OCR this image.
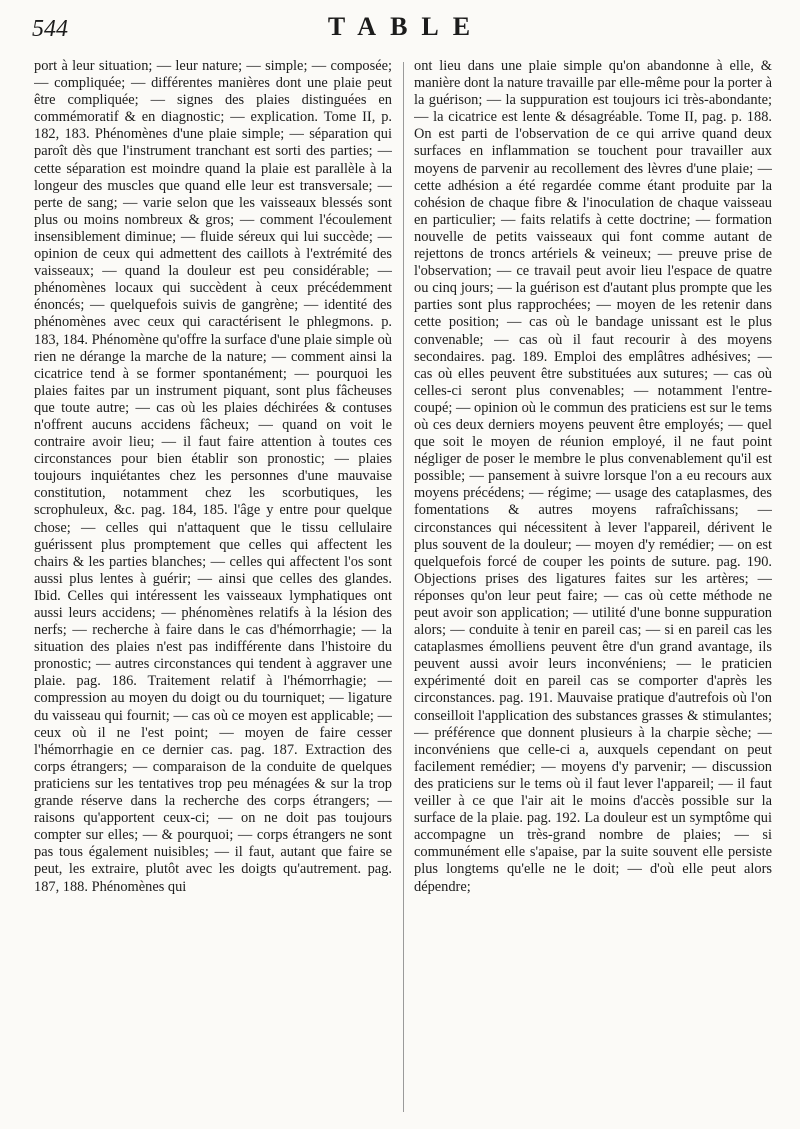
544	TABLE

port à leur situation; — leur nature; — simple; — composée; — compliquée; — différentes manières dont une plaie peut être compliquée; — signes des plaies distinguées en commémoratif & en diagnostic; — explication. Tome II, p. 182, 183. Phénomènes d'une plaie simple; — séparation qui paroît dès que l'instrument tranchant est sorti des parties; — cette séparation est moindre quand la plaie est parallèle à la longeur des muscles que quand elle leur est transversale; — perte de sang; — varie selon que les vaisseaux blessés sont plus ou moins nombreux & gros; — comment l'écoulement insensiblement diminue; — fluide séreux qui lui succède; — opinion de ceux qui admettent des caillots à l'extrémité des vaisseaux; — quand la douleur est peu considérable; — phénomènes locaux qui succèdent à ceux précédemment énoncés; — quelquefois suivis de gangrène; — identité des phénomènes avec ceux qui caractérisent le phlegmons. p. 183, 184. Phénomène qu'offre la surface d'une plaie simple où rien ne dérange la marche de la nature; — comment ainsi la cicatrice tend à se former spontanément; — pourquoi les plaies faites par un instrument piquant, sont plus fâcheuses que toute autre; — cas où les plaies déchirées & contuses n'offrent aucuns accidens fâcheux; — quand on voit le contraire avoir lieu; — il faut faire attention à toutes ces circonstances pour bien établir son pronostic; — plaies toujours inquiétantes chez les personnes d'une mauvaise constitution, notamment chez les scorbutiques, les scrophuleux, &c. pag. 184, 185. l'âge y entre pour quelque chose; — celles qui n'attaquent que le tissu cellulaire guérissent plus promptement que celles qui affectent les chairs & les parties blanches; — celles qui affectent l'os sont aussi plus lentes à guérir; — ainsi que celles des glandes. Ibid. Celles qui intéressent les vaisseaux lymphatiques ont aussi leurs accidens; — phénomènes relatifs à la lésion des nerfs; — recherche à faire dans le cas d'hémorrhagie; — la situation des plaies n'est pas indifférente dans l'histoire du pronostic; — autres circonstances qui tendent à aggraver une plaie. pag. 186. Traitement relatif à l'hémorrhagie; — compression au moyen du doigt ou du tourniquet; — ligature du vaisseau qui fournit; — cas où ce moyen est applicable; — ceux où il ne l'est point; — moyen de faire cesser l'hémorrhagie en ce dernier cas. pag. 187. Extraction des corps étrangers; — comparaison de la conduite de quelques praticiens sur les tentatives trop peu ménagées & sur la trop grande réserve dans la recherche des corps étrangers; — raisons qu'apportent ceux-ci; — on ne doit pas toujours compter sur elles; — & pourquoi; — corps étrangers ne sont pas tous également nuisibles; — il faut, autant que faire se peut, les extraire, plutôt avec les doigts qu'autrement. pag. 187, 188. Phénomènes qui

ont lieu dans une plaie simple qu'on abandonne à elle, & manière dont la nature travaille par elle-même pour la porter à la guérison; — la suppuration est toujours ici très-abondante; — la cicatrice est lente & désagréable. Tome II, pag. p. 188. On est parti de l'observation de ce qui arrive quand deux surfaces en inflammation se touchent pour travailler aux moyens de parvenir au recollement des lèvres d'une plaie; — cette adhésion a été regardée comme étant produite par la cohésion de chaque fibre & l'inoculation de chaque vaisseau en particulier; — faits relatifs à cette doctrine; — formation nouvelle de petits vaisseaux qui font comme autant de rejettons de troncs artériels & veineux; — preuve prise de l'observation; — ce travail peut avoir lieu l'espace de quatre ou cinq jours; — la guérison est d'autant plus prompte que les parties sont plus rapprochées; — moyen de les retenir dans cette position; — cas où le bandage unissant est le plus convenable; — cas où il faut recourir à des moyens secondaires. pag. 189. Emploi des emplâtres adhésives; — cas où elles peuvent être substituées aux sutures; — cas où celles-ci seront plus convenables; — notamment l'entre-coupé; — opinion où le commun des praticiens est sur le tems où ces deux derniers moyens peuvent être employés; — quel que soit le moyen de réunion employé, il ne faut point négliger de poser le membre le plus convenablement qu'il est possible; — pansement à suivre lorsque l'on a eu recours aux moyens précédens; — régime; — usage des cataplasmes, des fomentations & autres moyens rafraîchissans; — circonstances qui nécessitent à lever l'appareil, dérivent le plus souvent de la douleur; — moyen d'y remédier; — on est quelquefois forcé de couper les points de suture. pag. 190. Objections prises des ligatures faites sur les artères; — réponses qu'on leur peut faire; — cas où cette méthode ne peut avoir son application; — utilité d'une bonne suppuration alors; — conduite à tenir en pareil cas; — si en pareil cas les cataplasmes émolliens peuvent être d'un grand avantage, ils peuvent aussi avoir leurs inconvéniens; — le praticien expérimenté doit en pareil cas se comporter d'après les circonstances. pag. 191. Mauvaise pratique d'autrefois où l'on conseilloit l'application des substances grasses & stimulantes; — préférence que donnent plusieurs à la charpie sèche; — inconvéniens que celle-ci a, auxquels cependant on peut facilement remédier; — moyens d'y parvenir; — discussion des praticiens sur le tems où il faut lever l'appareil; — il faut veiller à ce que l'air ait le moins d'accès possible sur la surface de la plaie. pag. 192. La douleur est un symptôme qui accompagne un très-grand nombre de plaies; — si communément elle s'apaise, par la suite souvent elle persiste plus longtems qu'elle ne le doit; — d'où elle peut alors dépendre;
